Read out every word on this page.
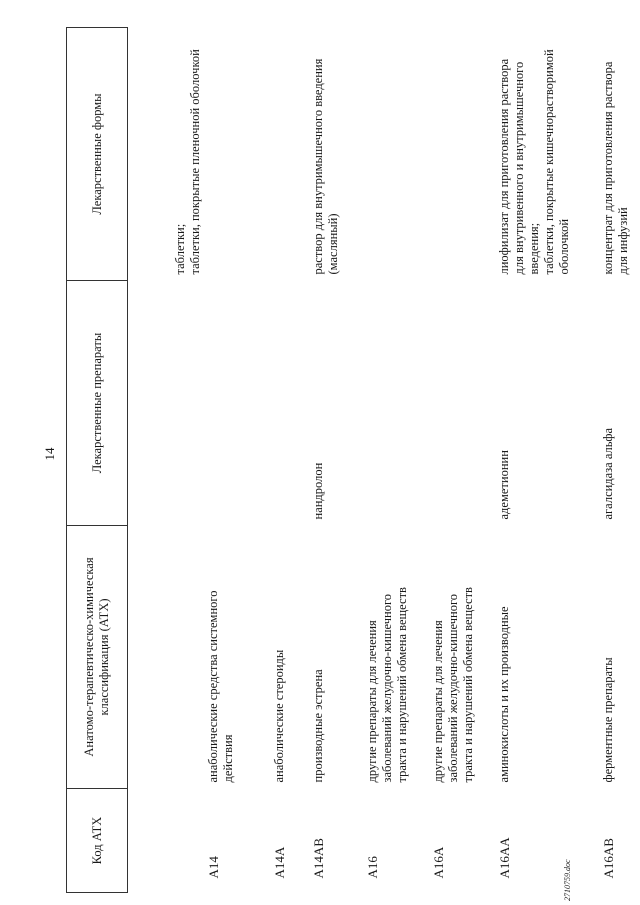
14
Код АТХ	Анатомо-терапевтическо-химическая классификация (АТХ)	Лекарственные препараты	Лекарственные формы
A14	анаболические средства системного
действия		таблетки;
таблетки, покрытые пленочной оболочкой
A14A	анаболические стероиды		
A14AB	производные эстрена	нандролон	раствор для внутримышечного введения
(масляный)
A16	другие препараты для лечения
заболеваний желудочно-кишечного
тракта и нарушений обмена веществ		
A16A	другие препараты для лечения
заболеваний желудочно-кишечного
тракта и нарушений обмена веществ		
A16AA	аминокислоты и их производные	адеметионин	лиофилизат для приготовления раствора
для внутривенного и внутримышечного
введения;
таблетки, покрытые кишечнорастворимой
оболочкой
A16AB	ферментные препараты	агалсидаза альфа	концентрат для приготовления раствора
для инфузий
2710759.doc
